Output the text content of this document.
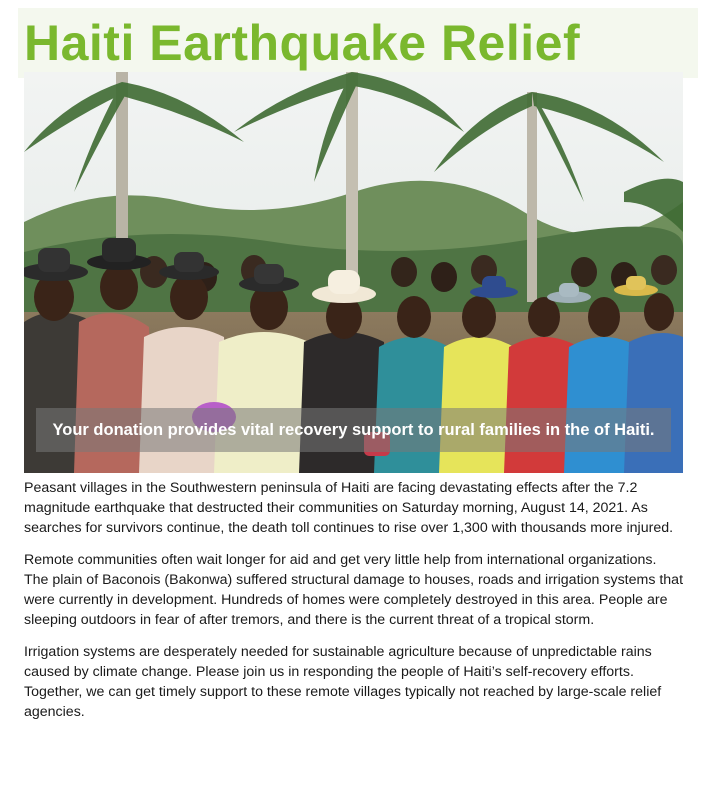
Haiti Earthquake Relief
Your donation provides vital recovery support to rural families in the of Haiti.

Peasant villages in the Southwestern peninsula of Haiti are facing devastating effects after the 7.2 magnitude earthquake that destructed their communities on Saturday morning, August 14, 2021. As searches for survivors continue, the death toll continues to rise over 1,300 with thousands more injured.

Remote communities often wait longer for aid and get very little help from international organizations. The plain of Baconois (Bakonwa) suffered structural damage to houses, roads and irrigation systems that were currently in development. Hundreds of homes were completely destroyed in this area. People are sleeping outdoors in fear of after tremors, and there is the current threat of a tropical storm.

Irrigation systems are desperately needed for sustainable agriculture because of unpredictable rains caused by climate change. Please join us in responding the people of Haiti’s self-recovery efforts. Together, we can get timely support to these remote villages typically not reached by large-scale relief agencies.
